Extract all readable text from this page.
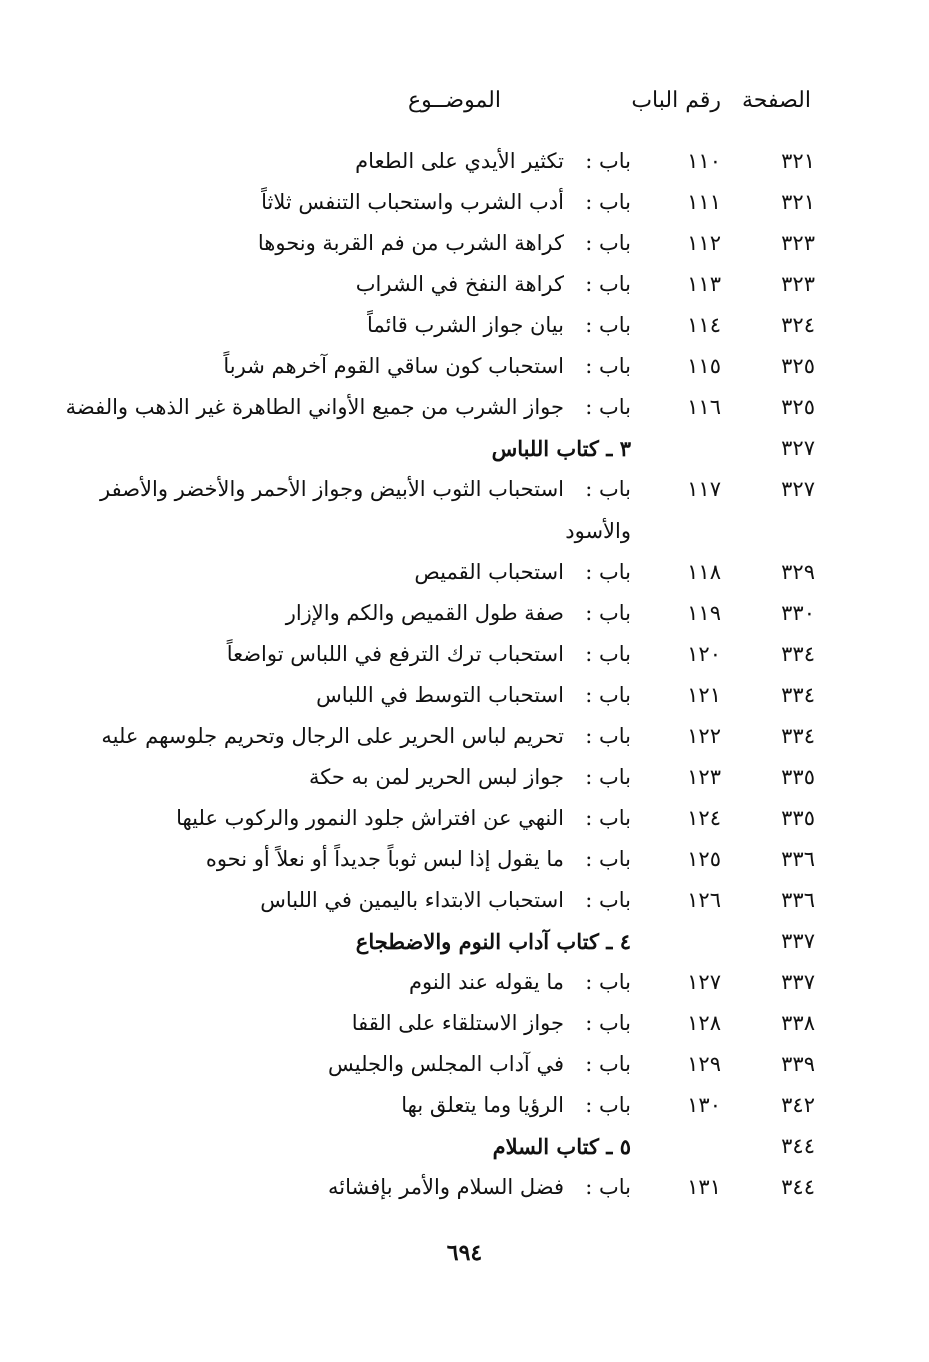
الصفحة
رقم الباب
الموضــوع
٣٢١
١١٠
باب :
تكثير الأيدي على الطعام
٣٢١
١١١
باب :
أدب الشرب واستحباب التنفس ثلاثاً
٣٢٣
١١٢
باب :
كراهة الشرب من فم القربة ونحوها
٣٢٣
١١٣
باب :
كراهة النفخ في الشراب
٣٢٤
١١٤
باب :
بيان جواز الشرب قائماً
٣٢٥
١١٥
باب :
استحباب كون ساقي القوم آخرهم شرباً
٣٢٥
١١٦
باب :
جواز الشرب من جميع الأواني الطاهرة غير الذهب والفضة
٣٢٧
٣ ـ كتاب اللباس
٣٢٧
١١٧
باب :
استحباب الثوب الأبيض وجواز الأحمر والأخضر والأصفر
والأسود
٣٢٩
١١٨
باب :
استحباب القميص
٣٣٠
١١٩
باب :
صفة طول القميص والكم والإزار
٣٣٤
١٢٠
باب :
استحباب ترك الترفع في اللباس تواضعاً
٣٣٤
١٢١
باب :
استحباب التوسط في اللباس
٣٣٤
١٢٢
باب :
تحريم لباس الحرير على الرجال وتحريم جلوسهم عليه
٣٣٥
١٢٣
باب :
جواز لبس الحرير لمن به حكة
٣٣٥
١٢٤
باب :
النهي عن افتراش جلود النمور والركوب عليها
٣٣٦
١٢٥
باب :
ما يقول إذا لبس ثوباً جديداً أو نعلاً أو نحوه
٣٣٦
١٢٦
باب :
استحباب الابتداء باليمين في اللباس
٣٣٧
٤ ـ كتاب آداب النوم والاضطجاع
٣٣٧
١٢٧
باب :
ما يقوله عند النوم
٣٣٨
١٢٨
باب :
جواز الاستلقاء على القفا
٣٣٩
١٢٩
باب :
في آداب المجلس والجليس
٣٤٢
١٣٠
باب :
الرؤيا وما يتعلق بها
٣٤٤
٥ ـ كتاب السلام
٣٤٤
١٣١
باب :
فضل السلام والأمر بإفشائه
٦٩٤
